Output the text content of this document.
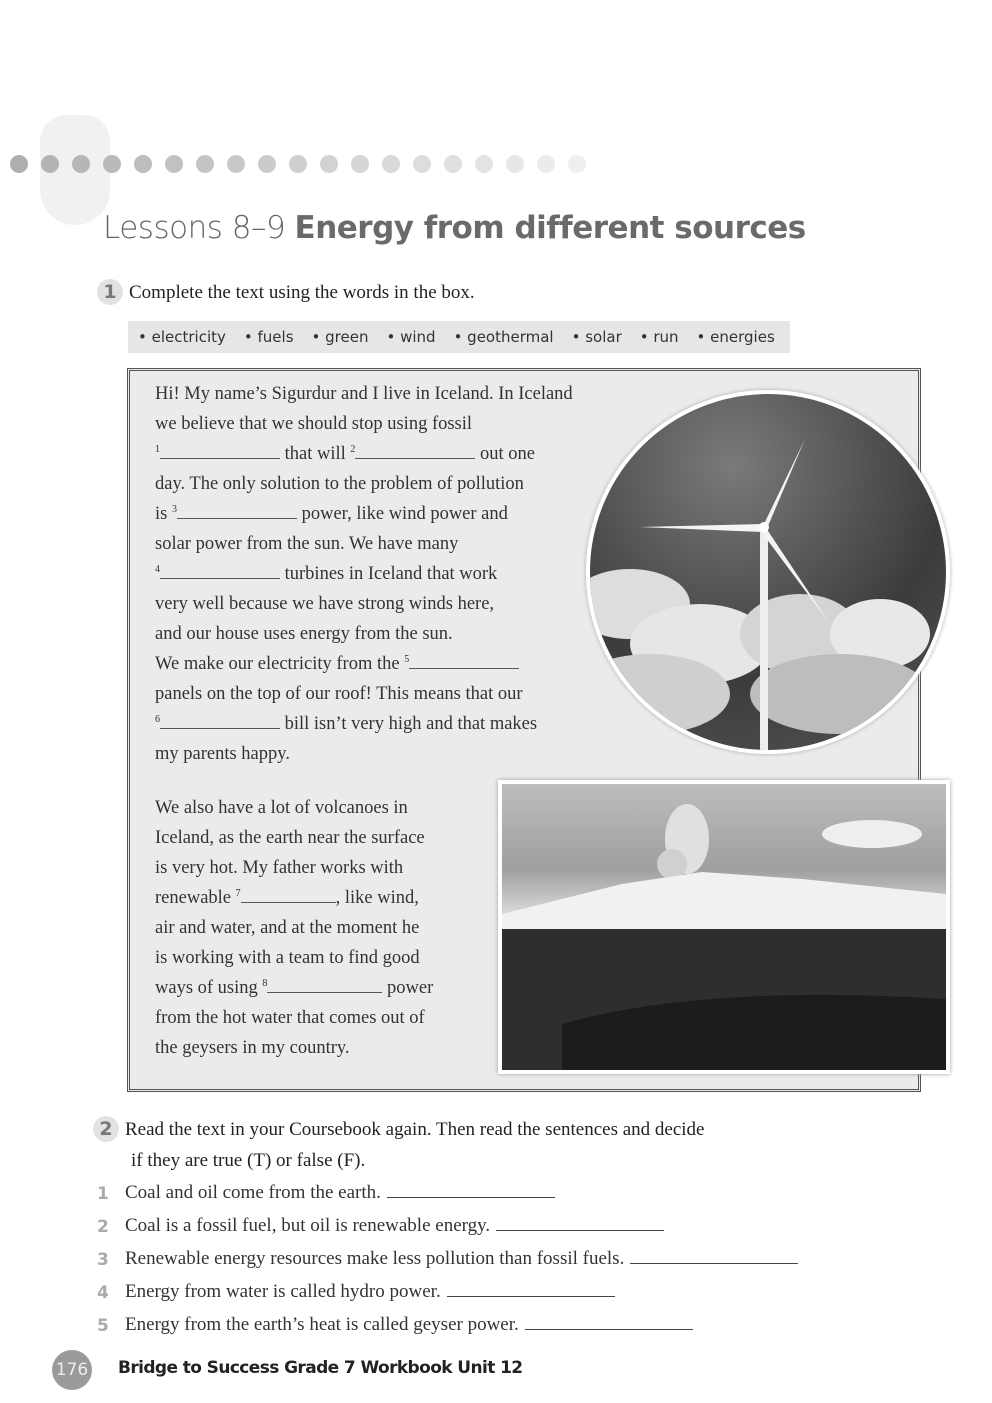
Lessons 8–9 Energy from different sources
1 Complete the text using the words in the box.
• electricity • fuels • green • wind • geothermal • solar • run • energies
Hi! My name’s Sigurdur and I live in Iceland. In Iceland
we believe that we should stop using fossil
$^1$	that will $^2$	out one
day. The only solution to the problem of pollution
is $^3$	power, like wind power and
solar power from the sun. We have many
$^4$	turbines in Iceland that work
very well because we have strong winds here,
and our house uses energy from the sun.
We make our electricity from the $^5$
panels on the top of our roof! This means that our
$^6$	bill isn’t very high and that makes
my parents happy.
We also have a lot of volcanoes in
Iceland, as the earth near the surface
is very hot. My father works with
renewable $^7$	, like wind,
air and water, and at the moment he
is working with a team to find good
ways of using $^8$	power
from the hot water that comes out of
the geysers in my country.
2 Read the text in your Coursebook again. Then read the sentences and decide
if they are true (T) or false (F).
1 Coal and oil come from the earth.
2 Coal is a fossil fuel, but oil is renewable energy.
3 Renewable energy resources make less pollution than fossil fuels.
4 Energy from water is called hydro power.
5 Energy from the earth’s heat is called geyser power.
176 Bridge to Success Grade 7 Workbook Unit 12
